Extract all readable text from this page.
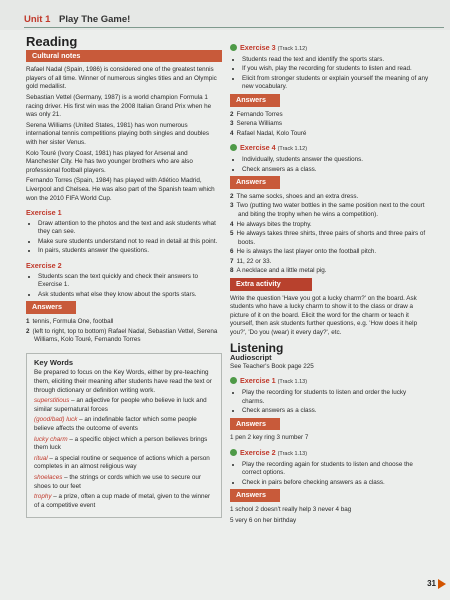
Unit 1 Play The Game!
Reading
Cultural notes

Rafael Nadal (Spain, 1986) is considered one of the greatest tennis players of all time. Winner of numerous singles titles and an Olympic gold medallist.

Sebastian Vettel (Germany, 1987) is a world champion Formula 1 racing driver. His first win was the 2008 Italian Grand Prix when he was only 21.

Serena Williams (United States, 1981) has won numerous international tennis competitions playing both singles and doubles with her sister Venus.

Kolo Touré (Ivory Coast, 1981) has played for Arsenal and Manchester City. He has two younger brothers who are also professional football players.

Fernando Torres (Spain, 1984) has played with Atlético Madrid, Liverpool and Chelsea. He was also part of the Spanish team which won the 2010 FIFA World Cup.

Exercise 1
• Draw attention to the photos and the text and ask students what they can see.
• Make sure students understand not to read in detail at this point.
• In pairs, students answer the questions.
Exercise 2
• Students scan the text quickly and check their answers to Exercise 1.
• Ask students what else they know about the sports stars.
Answers
1 tennis, Formula One, football
2 (left to right, top to bottom) Rafael Nadal, Sebastian Vettel, Serena Williams, Kolo Touré, Fernando Torres
Key Words

Be prepared to focus on the Key Words, either by pre-teaching them, eliciting their meaning after students have read the text or through dictionary or definition writing work.

superstitious – an adjective for people who believe in luck and similar supernatural forces

(good/bad) luck – an indefinable factor which some people believe affects the outcome of events

lucky charm – a specific object which a person believes brings them luck

ritual – a special routine or sequence of actions which a person completes in an almost religious way

shoelaces – the strings or cords which we use to secure our shoes to our feet

trophy – a prize, often a cup made of metal, given to the winner of a competitive event

Exercise 3 (Track 1.12)
• Students read the text and identify the sports stars.
• If you wish, play the recording for students to listen and read.
• Elicit from stronger students or explain yourself the meaning of any new vocabulary.
Answers
2 Fernando Torres
3 Serena Williams
4 Rafael Nadal, Kolo Touré
Exercise 4 (Track 1.12)
• Individually, students answer the questions.
• Check answers as a class.
Answers
2 The same socks, shoes and an extra dress.
3 Two (putting two water bottles in the same position next to the court and biting the trophy when he wins a competition).
4 He always bites the trophy.
5 He always takes three shirts, three pairs of shorts and three pairs of boots.
6 He is always the last player onto the football pitch.
7 11, 22 or 33.
8 A necklace and a little metal pig.
Extra activity

Write the question 'Have you got a lucky charm?' on the board. Ask students who have a lucky charm to show it to the class or draw a picture of it on the board. Elicit the word for the charm or teach it yourself, then ask students further questions, e.g. 'How does it help you?', 'Do you (wear) it every day?', etc.

Listening
Audioscript

See Teacher's Book page 225

Exercise 1 (Track 1.13)
• Play the recording for students to listen and order the lucky charms.
• Check answers as a class.
Answers

1 pen 2 key ring 3 number 7

Exercise 2 (Track 1.13)
• Play the recording again for students to listen and choose the correct options.
• Check in pairs before checking answers as a class.
Answers

1 school 2 doesn't really help 3 never 4 bag

5 very 6 on her birthday

31
